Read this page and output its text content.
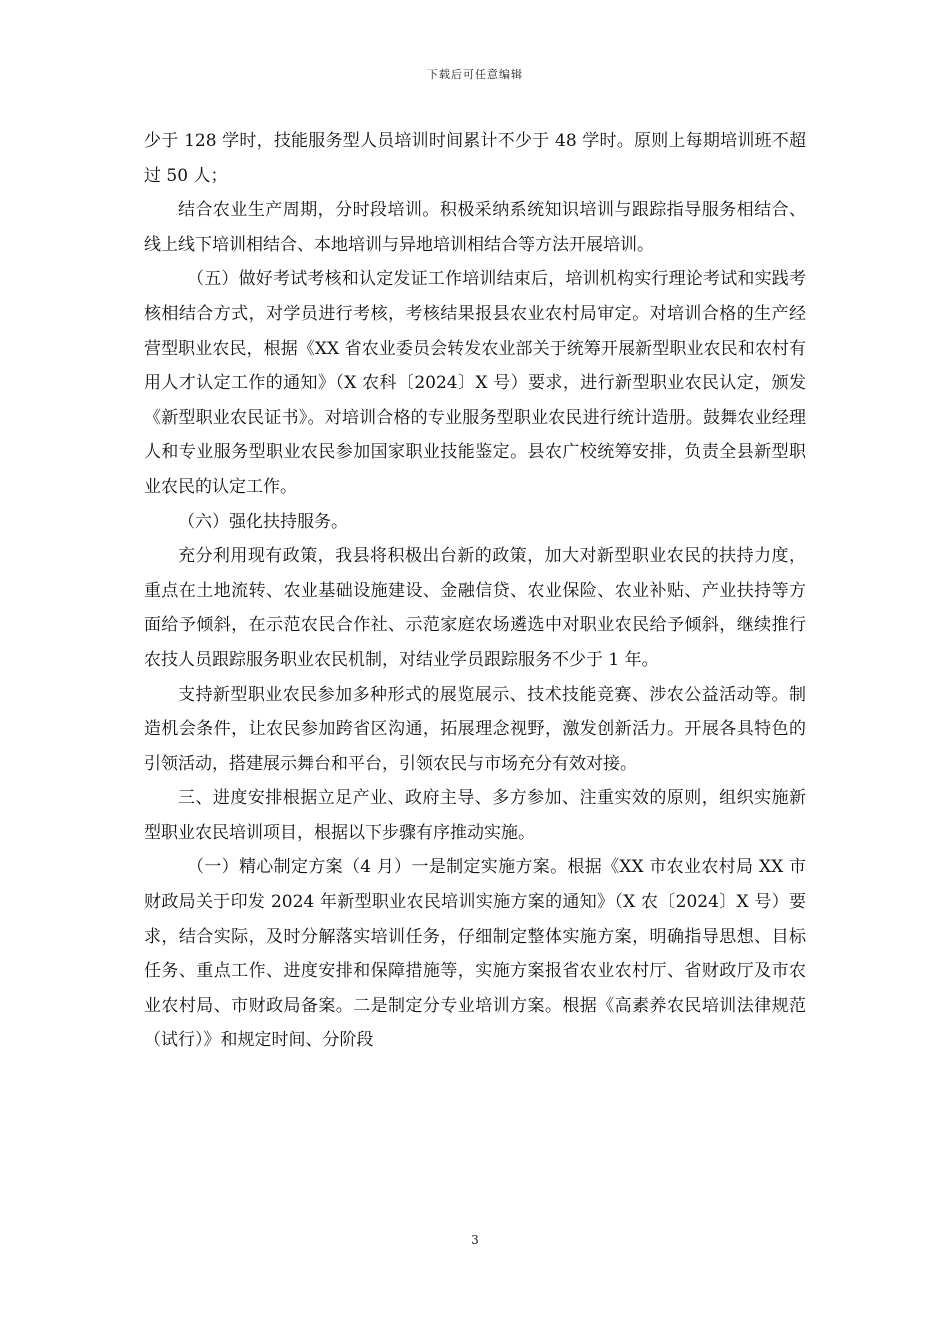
下载后可任意编辑

少于 128 学时，技能服务型人员培训时间累计不少于 48 学时。原则上每期培训班不超过 50 人；

结合农业生产周期，分时段培训。积极采纳系统知识培训与跟踪指导服务相结合、线上线下培训相结合、本地培训与异地培训相结合等方法开展培训。

（五）做好考试考核和认定发证工作培训结束后，培训机构实行理论考试和实践考核相结合方式，对学员进行考核，考核结果报县农业农村局审定。对培训合格的生产经营型职业农民，根据《XX 省农业委员会转发农业部关于统筹开展新型职业农民和农村有用人才认定工作的通知》（X 农科〔2024〕X 号）要求，进行新型职业农民认定，颁发《新型职业农民证书》。对培训合格的专业服务型职业农民进行统计造册。鼓舞农业经理人和专业服务型职业农民参加国家职业技能鉴定。县农广校统筹安排，负责全县新型职业农民的认定工作。

（六）强化扶持服务。

充分利用现有政策，我县将积极出台新的政策，加大对新型职业农民的扶持力度，重点在土地流转、农业基础设施建设、金融信贷、农业保险、农业补贴、产业扶持等方面给予倾斜，在示范农民合作社、示范家庭农场遴选中对职业农民给予倾斜，继续推行农技人员跟踪服务职业农民机制，对结业学员跟踪服务不少于 1 年。

支持新型职业农民参加多种形式的展览展示、技术技能竞赛、涉农公益活动等。制造机会条件，让农民参加跨省区沟通，拓展理念视野，激发创新活力。开展各具特色的引领活动，搭建展示舞台和平台，引领农民与市场充分有效对接。

三、进度安排根据立足产业、政府主导、多方参加、注重实效的原则，组织实施新型职业农民培训项目，根据以下步骤有序推动实施。

（一）精心制定方案（4 月）一是制定实施方案。根据《XX 市农业农村局 XX 市财政局关于印发 2024 年新型职业农民培训实施方案的通知》（X 农〔2024〕X 号）要求，结合实际，及时分解落实培训任务，仔细制定整体实施方案，明确指导思想、目标任务、重点工作、进度安排和保障措施等，实施方案报省农业农村厅、省财政厅及市农业农村局、市财政局备案。二是制定分专业培训方案。根据《高素养农民培训法律规范（试行）》和规定时间、分阶段

3
